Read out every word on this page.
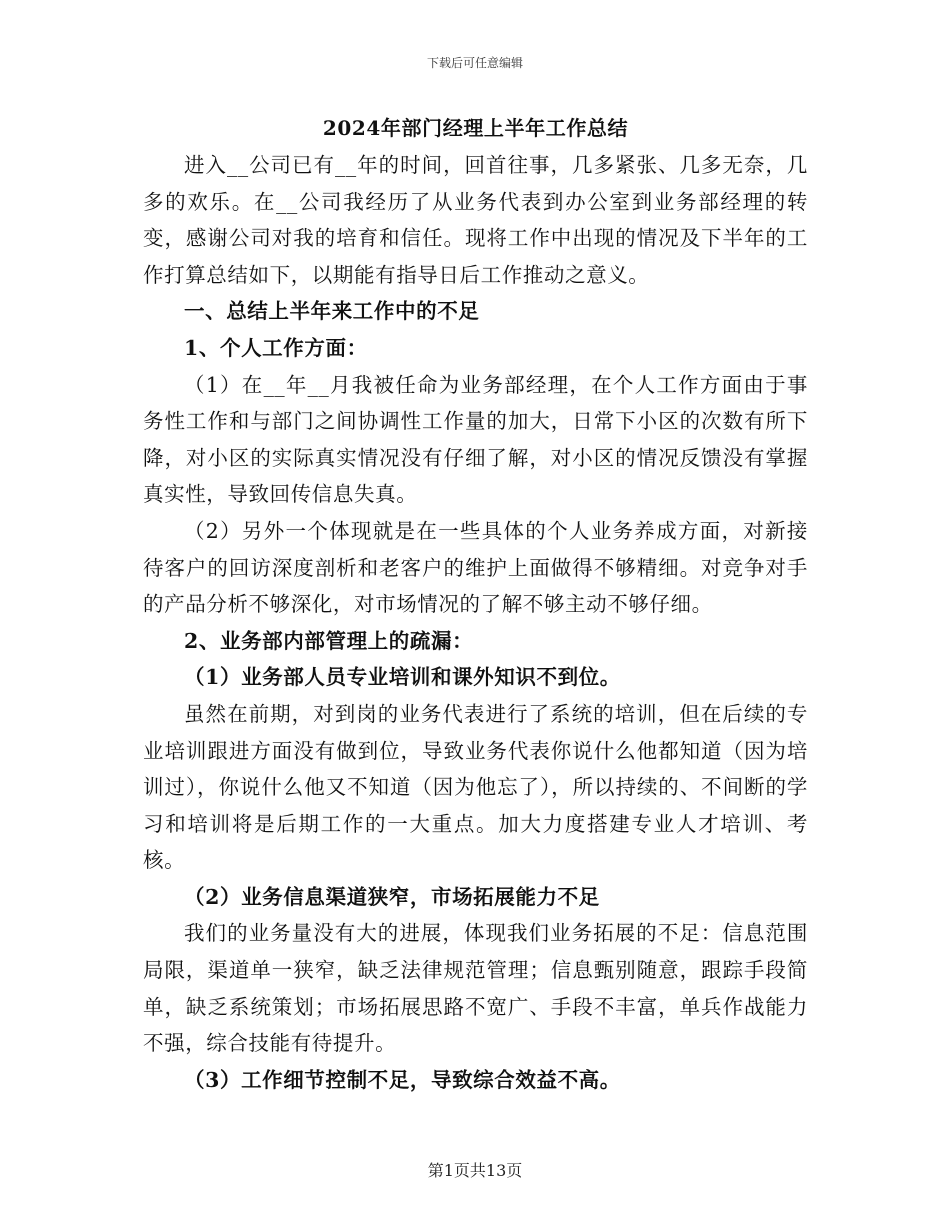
下载后可任意编辑
2024年部门经理上半年工作总结

进入__公司已有__年的时间，回首往事，几多紧张、几多无奈，几多的欢乐。在__公司我经历了从业务代表到办公室到业务部经理的转变，感谢公司对我的培育和信任。现将工作中出现的情况及下半年的工作打算总结如下，以期能有指导日后工作推动之意义。

一、总结上半年来工作中的不足

1、个人工作方面：

（1）在__年__月我被任命为业务部经理，在个人工作方面由于事务性工作和与部门之间协调性工作量的加大，日常下小区的次数有所下降，对小区的实际真实情况没有仔细了解，对小区的情况反馈没有掌握真实性，导致回传信息失真。

（2）另外一个体现就是在一些具体的个人业务养成方面，对新接待客户的回访深度剖析和老客户的维护上面做得不够精细。对竞争对手的产品分析不够深化，对市场情况的了解不够主动不够仔细。

2、业务部内部管理上的疏漏：

（1）业务部人员专业培训和课外知识不到位。

虽然在前期，对到岗的业务代表进行了系统的培训，但在后续的专业培训跟进方面没有做到位，导致业务代表你说什么他都知道（因为培训过），你说什么他又不知道（因为他忘了），所以持续的、不间断的学习和培训将是后期工作的一大重点。加大力度搭建专业人才培训、考核。

（2）业务信息渠道狭窄，市场拓展能力不足

我们的业务量没有大的进展，体现我们业务拓展的不足：信息范围局限，渠道单一狭窄，缺乏法律规范管理；信息甄别随意，跟踪手段简单，缺乏系统策划；市场拓展思路不宽广、手段不丰富，单兵作战能力不强，综合技能有待提升。

（3）工作细节控制不足，导致综合效益不高。

第1页共13页
